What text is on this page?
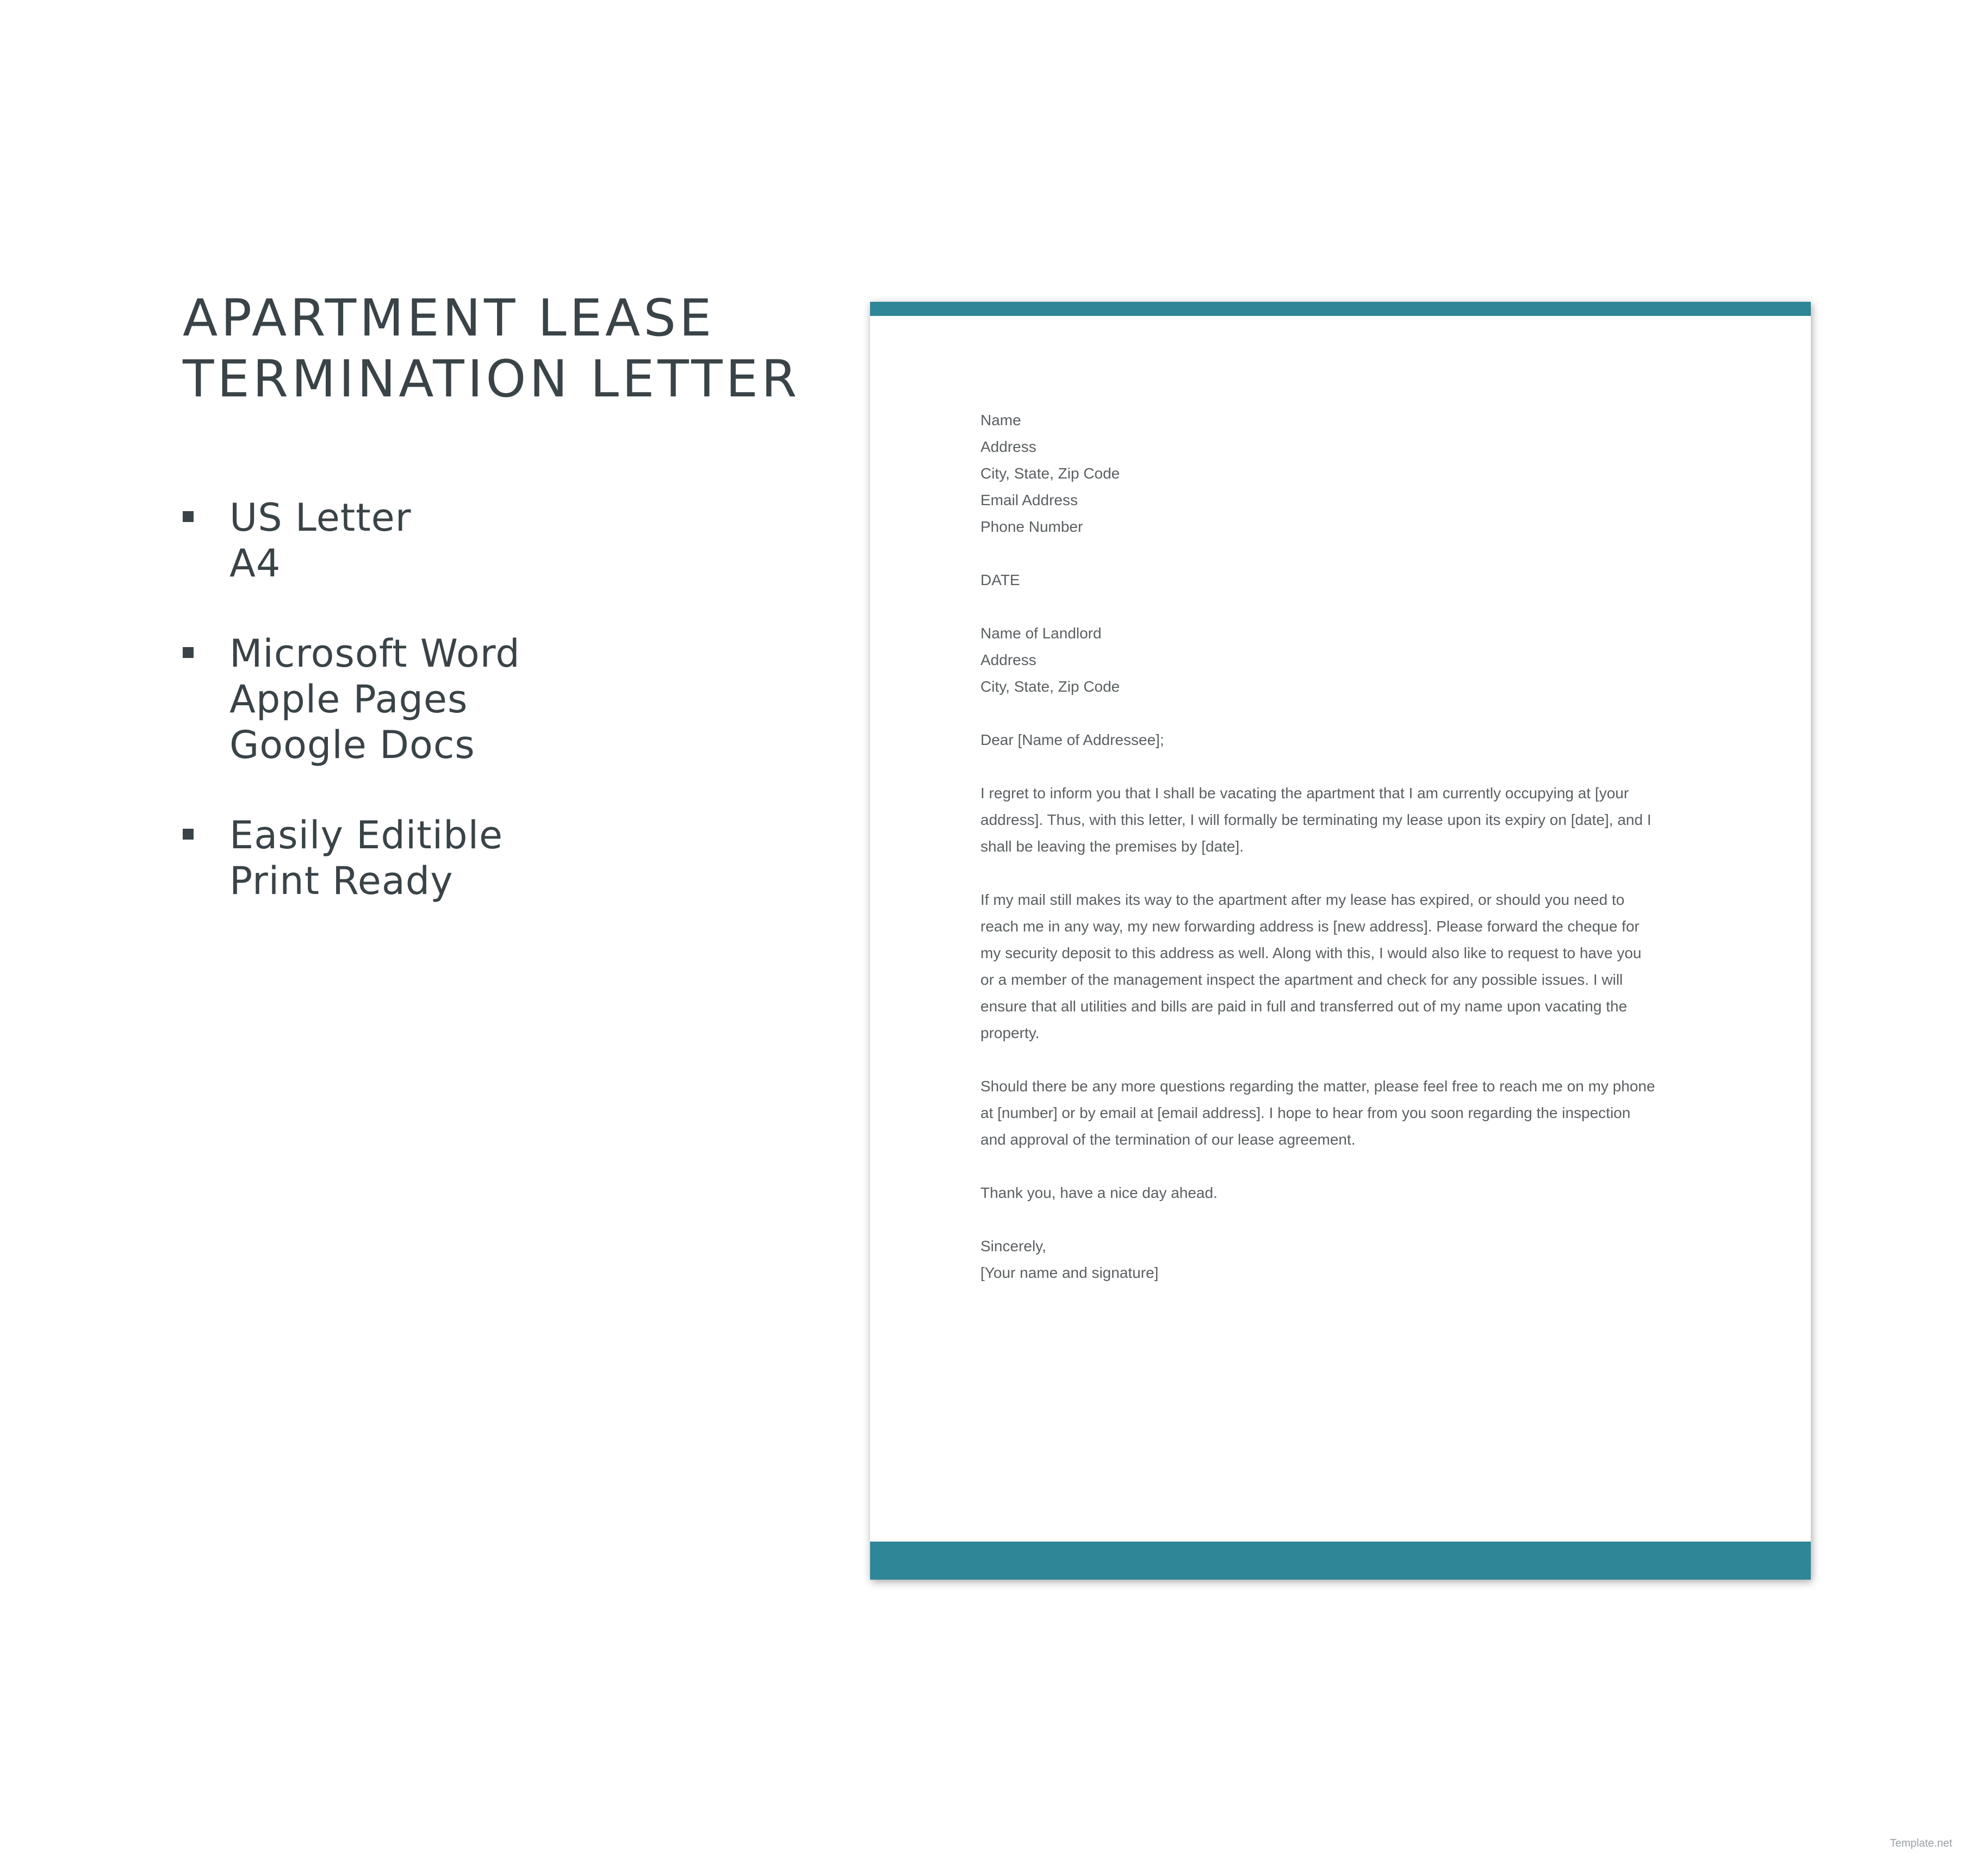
APARTMENT LEASE
TERMINATION LETTER
US Letter
A4
Microsoft Word
Apple Pages
Google Docs
Easily Editible
Print Ready

Name
Address
City, State, Zip Code
Email Address
Phone Number

DATE

Name of Landlord
Address
City, State, Zip Code

Dear [Name of Addressee];

I regret to inform you that I shall be vacating the apartment that I am currently occupying at [your
address]. Thus, with this letter, I will formally be terminating my lease upon its expiry on [date], and I
shall be leaving the premises by [date].

If my mail still makes its way to the apartment after my lease has expired, or should you need to
reach me in any way, my new forwarding address is [new address]. Please forward the cheque for
my security deposit to this address as well. Along with this, I would also like to request to have you
or a member of the management inspect the apartment and check for any possible issues. I will
ensure that all utilities and bills are paid in full and transferred out of my name upon vacating the
property.

Should there be any more questions regarding the matter, please feel free to reach me on my phone
at [number] or by email at [email address]. I hope to hear from you soon regarding the inspection
and approval of the termination of our lease agreement.

Thank you, have a nice day ahead.

Sincerely,
[Your name and signature]

Template.net
